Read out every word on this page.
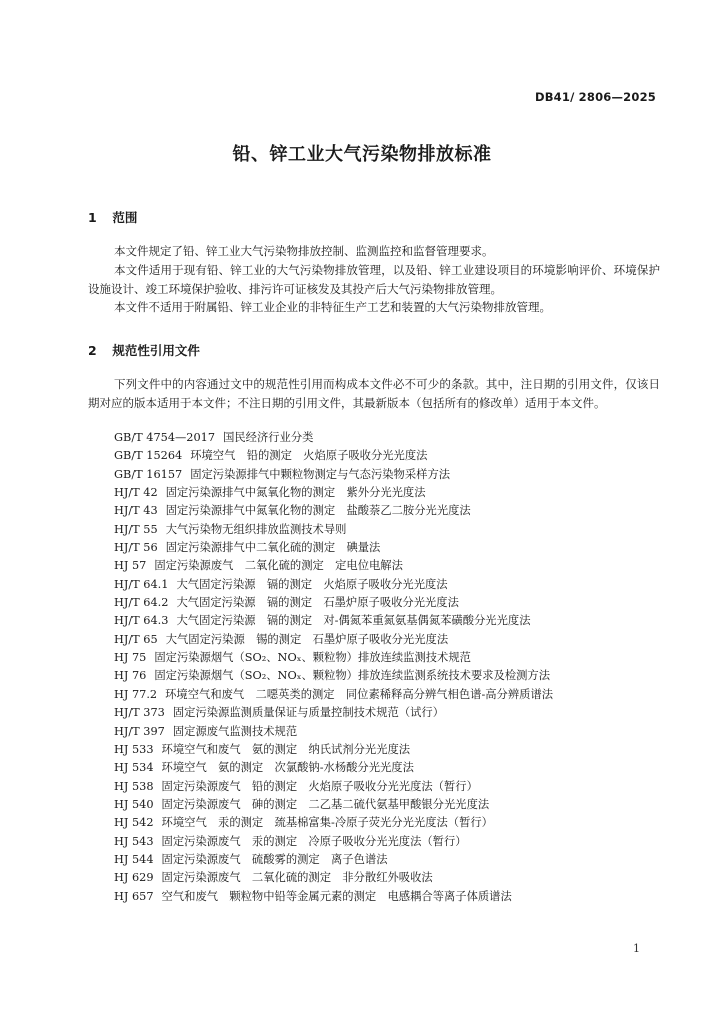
DB41/ 2806—2025
铅、锌工业大气污染物排放标准
1 范围

本文件规定了铅、锌工业大气污染物排放控制、监测监控和监督管理要求。

本文件适用于现有铅、锌工业的大气污染物排放管理，以及铅、锌工业建设项目的环境影响评价、环境保护设施设计、竣工环境保护验收、排污许可证核发及其投产后大气污染物排放管理。

本文件不适用于附属铅、锌工业企业的非特征生产工艺和装置的大气污染物排放管理。

2 规范性引用文件

下列文件中的内容通过文中的规范性引用而构成本文件必不可少的条款。其中，注日期的引用文件，仅该日期对应的版本适用于本文件；不注日期的引用文件，其最新版本（包括所有的修改单）适用于本文件。

GB/T 4754—2017 国民经济行业分类
GB/T 15264 环境空气　铅的测定　火焰原子吸收分光光度法
GB/T 16157 固定污染源排气中颗粒物测定与气态污染物采样方法
HJ/T 42 固定污染源排气中氮氧化物的测定　紫外分光光度法
HJ/T 43 固定污染源排气中氮氧化物的测定　盐酸萘乙二胺分光光度法
HJ/T 55 大气污染物无组织排放监测技术导则
HJ/T 56 固定污染源排气中二氧化硫的测定　碘量法
HJ 57 固定污染源废气　二氧化硫的测定　定电位电解法
HJ/T 64.1 大气固定污染源　镉的测定　火焰原子吸收分光光度法
HJ/T 64.2 大气固定污染源　镉的测定　石墨炉原子吸收分光光度法
HJ/T 64.3 大气固定污染源　镉的测定　对-偶氮苯重氮氨基偶氮苯磺酸分光光度法
HJ/T 65 大气固定污染源　锡的测定　石墨炉原子吸收分光光度法
HJ 75 固定污染源烟气（SO₂、NOₓ、颗粒物）排放连续监测技术规范
HJ 76 固定污染源烟气（SO₂、NOₓ、颗粒物）排放连续监测系统技术要求及检测方法
HJ 77.2 环境空气和废气　二噁英类的测定　同位素稀释高分辨气相色谱-高分辨质谱法
HJ/T 373 固定污染源监测质量保证与质量控制技术规范（试行）
HJ/T 397 固定源废气监测技术规范
HJ 533 环境空气和废气　氨的测定　纳氏试剂分光光度法
HJ 534 环境空气　氨的测定　次氯酸钠-水杨酸分光光度法
HJ 538 固定污染源废气　铅的测定　火焰原子吸收分光光度法（暂行）
HJ 540 固定污染源废气　砷的测定　二乙基二硫代氨基甲酸银分光光度法
HJ 542 环境空气　汞的测定　巯基棉富集-冷原子荧光分光光度法（暂行）
HJ 543 固定污染源废气　汞的测定　冷原子吸收分光光度法（暂行）
HJ 544 固定污染源废气　硫酸雾的测定　离子色谱法
HJ 629 固定污染源废气　二氧化硫的测定　非分散红外吸收法
HJ 657 空气和废气　颗粒物中铅等金属元素的测定　电感耦合等离子体质谱法
1
